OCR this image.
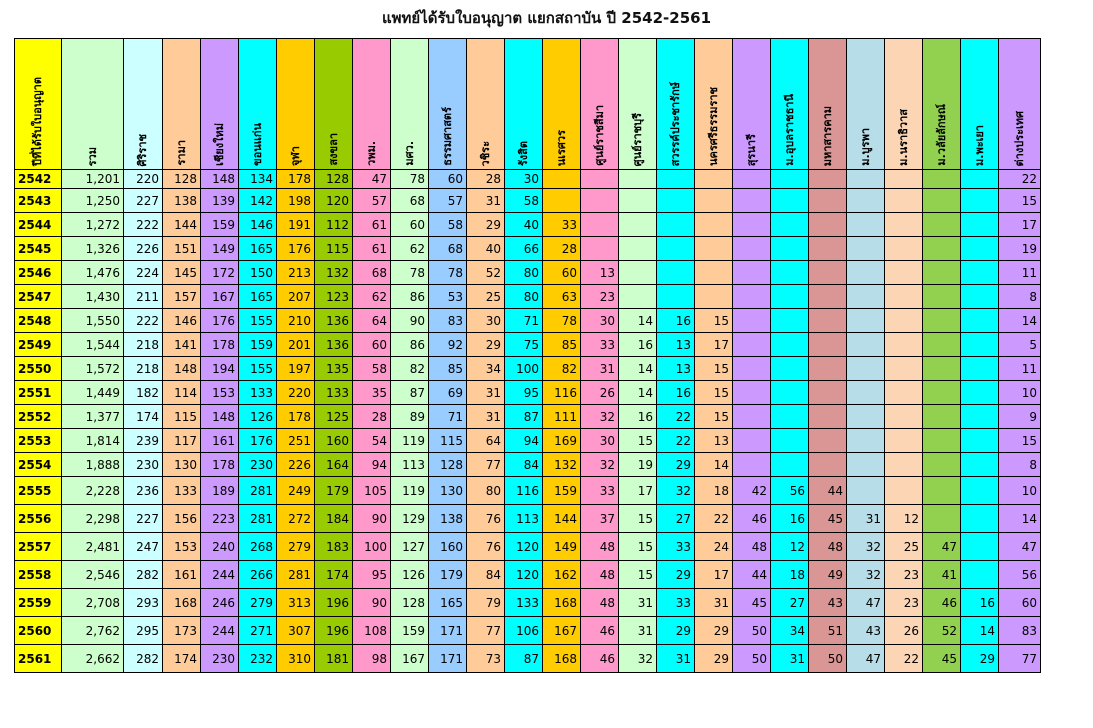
แพทย์ได้รับใบอนุญาต แยกสถาบัน ปี 2542-2561
ปีที่ได้รับใบอนุญาต	รวม	ศิริราช	รามา	เชียงใหม่	ขอนแก่น	จุฬา	สงขลา	วพม.	มศว.	ธรรมศาสตร์	วชิระ	รังสิต	นเรศวร	ศูนย์ราชสีมา	ศูนย์ราชบุรี	สวรรค์ประชารักษ์	นครศรีธรรมราช	สุรนารี	ม.อุบลราชธานี	มหาสารคาม	ม.บูรพา	ม.นราธิวาส	ม.วลัยลักษณ์	ม.พะเยา	ต่างประเทศ

2542	1,201	220	128	148	134	178	128	47	78	60	28	30													22
2543	1,250	227	138	139	142	198	120	57	68	57	31	58													15
2544	1,272	222	144	159	146	191	112	61	60	58	29	40	33												17
2545	1,326	226	151	149	165	176	115	61	62	68	40	66	28												19
2546	1,476	224	145	172	150	213	132	68	78	78	52	80	60	13											11
2547	1,430	211	157	167	165	207	123	62	86	53	25	80	63	23											8
2548	1,550	222	146	176	155	210	136	64	90	83	30	71	78	30	14	16	15								14
2549	1,544	218	141	178	159	201	136	60	86	92	29	75	85	33	16	13	17								5
2550	1,572	218	148	194	155	197	135	58	82	85	34	100	82	31	14	13	15								11
2551	1,449	182	114	153	133	220	133	35	87	69	31	95	116	26	14	16	15								10
2552	1,377	174	115	148	126	178	125	28	89	71	31	87	111	32	16	22	15								9
2553	1,814	239	117	161	176	251	160	54	119	115	64	94	169	30	15	22	13								15
2554	1,888	230	130	178	230	226	164	94	113	128	77	84	132	32	19	29	14								8
2555	2,228	236	133	189	281	249	179	105	119	130	80	116	159	33	17	32	18	42	56	44					10
2556	2,298	227	156	223	281	272	184	90	129	138	76	113	144	37	15	27	22	46	16	45	31	12			14
2557	2,481	247	153	240	268	279	183	100	127	160	76	120	149	48	15	33	24	48	12	48	32	25	47		47
2558	2,546	282	161	244	266	281	174	95	126	179	84	120	162	48	15	29	17	44	18	49	32	23	41		56
2559	2,708	293	168	246	279	313	196	90	128	165	79	133	168	48	31	33	31	45	27	43	47	23	46	16	60
2560	2,762	295	173	244	271	307	196	108	159	171	77	106	167	46	31	29	29	50	34	51	43	26	52	14	83
2561	2,662	282	174	230	232	310	181	98	167	171	73	87	168	46	32	31	29	50	31	50	47	22	45	29	77
